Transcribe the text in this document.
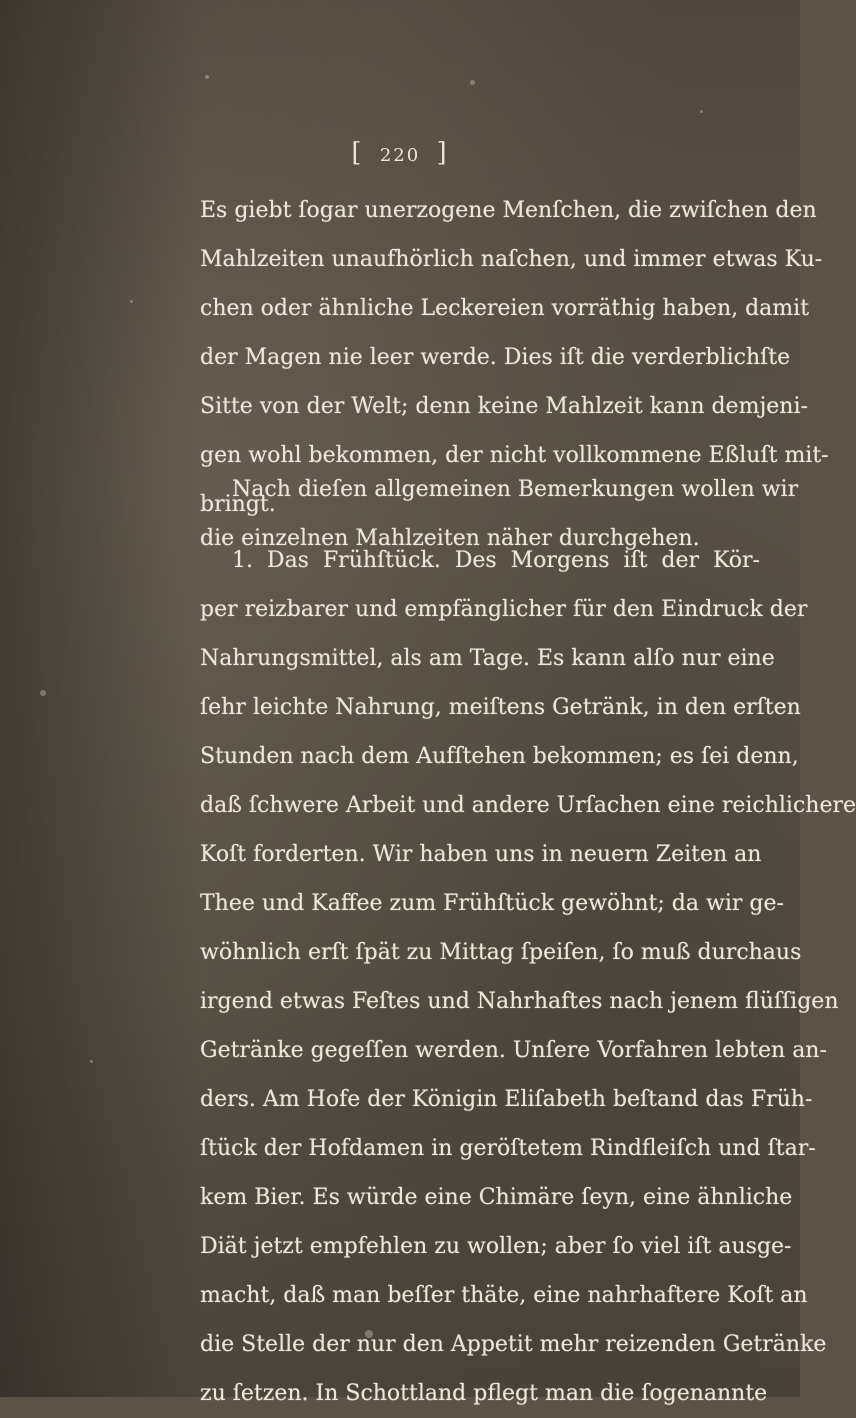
[ 220 ]
Es giebt ſogar unerzogene Menſchen, die zwiſchen den
Mahlzeiten unaufhörlich naſchen, und immer etwas Ku-
chen oder ähnliche Leckereien vorräthig haben, damit
der Magen nie leer werde. Dies iſt die verderblichſte
Sitte von der Welt; denn keine Mahlzeit kann demjeni-
gen wohl bekommen, der nicht vollkommene Eßluſt mit-
bringt.
Nach dieſen allgemeinen Bemerkungen wollen wir
die einzelnen Mahlzeiten näher durchgehen.
1. Das Frühſtück. Des Morgens iſt der Kör-
per reizbarer und empfänglicher für den Eindruck der
Nahrungsmittel, als am Tage. Es kann alſo nur eine
ſehr leichte Nahrung, meiſtens Getränk, in den erſten
Stunden nach dem Aufſtehen bekommen; es ſei denn,
daß ſchwere Arbeit und andere Urſachen eine reichlichere
Koſt forderten. Wir haben uns in neuern Zeiten an
Thee und Kaffee zum Frühſtück gewöhnt; da wir ge-
wöhnlich erſt ſpät zu Mittag ſpeiſen, ſo muß durchaus
irgend etwas Feſtes und Nahrhaftes nach jenem flüſſigen
Getränke gegeſſen werden. Unſere Vorfahren lebten an-
ders. Am Hofe der Königin Eliſabeth beſtand das Früh-
ſtück der Hofdamen in geröſtetem Rindfleiſch und ſtar-
kem Bier. Es würde eine Chimäre ſeyn, eine ähnliche
Diät jetzt empfehlen zu wollen; aber ſo viel iſt ausge-
macht, daß man beſſer thäte, eine nahrhaftere Koſt an
die Stelle der nur den Appetit mehr reizenden Getränke
zu ſetzen. In Schottland pflegt man die ſogenannte
